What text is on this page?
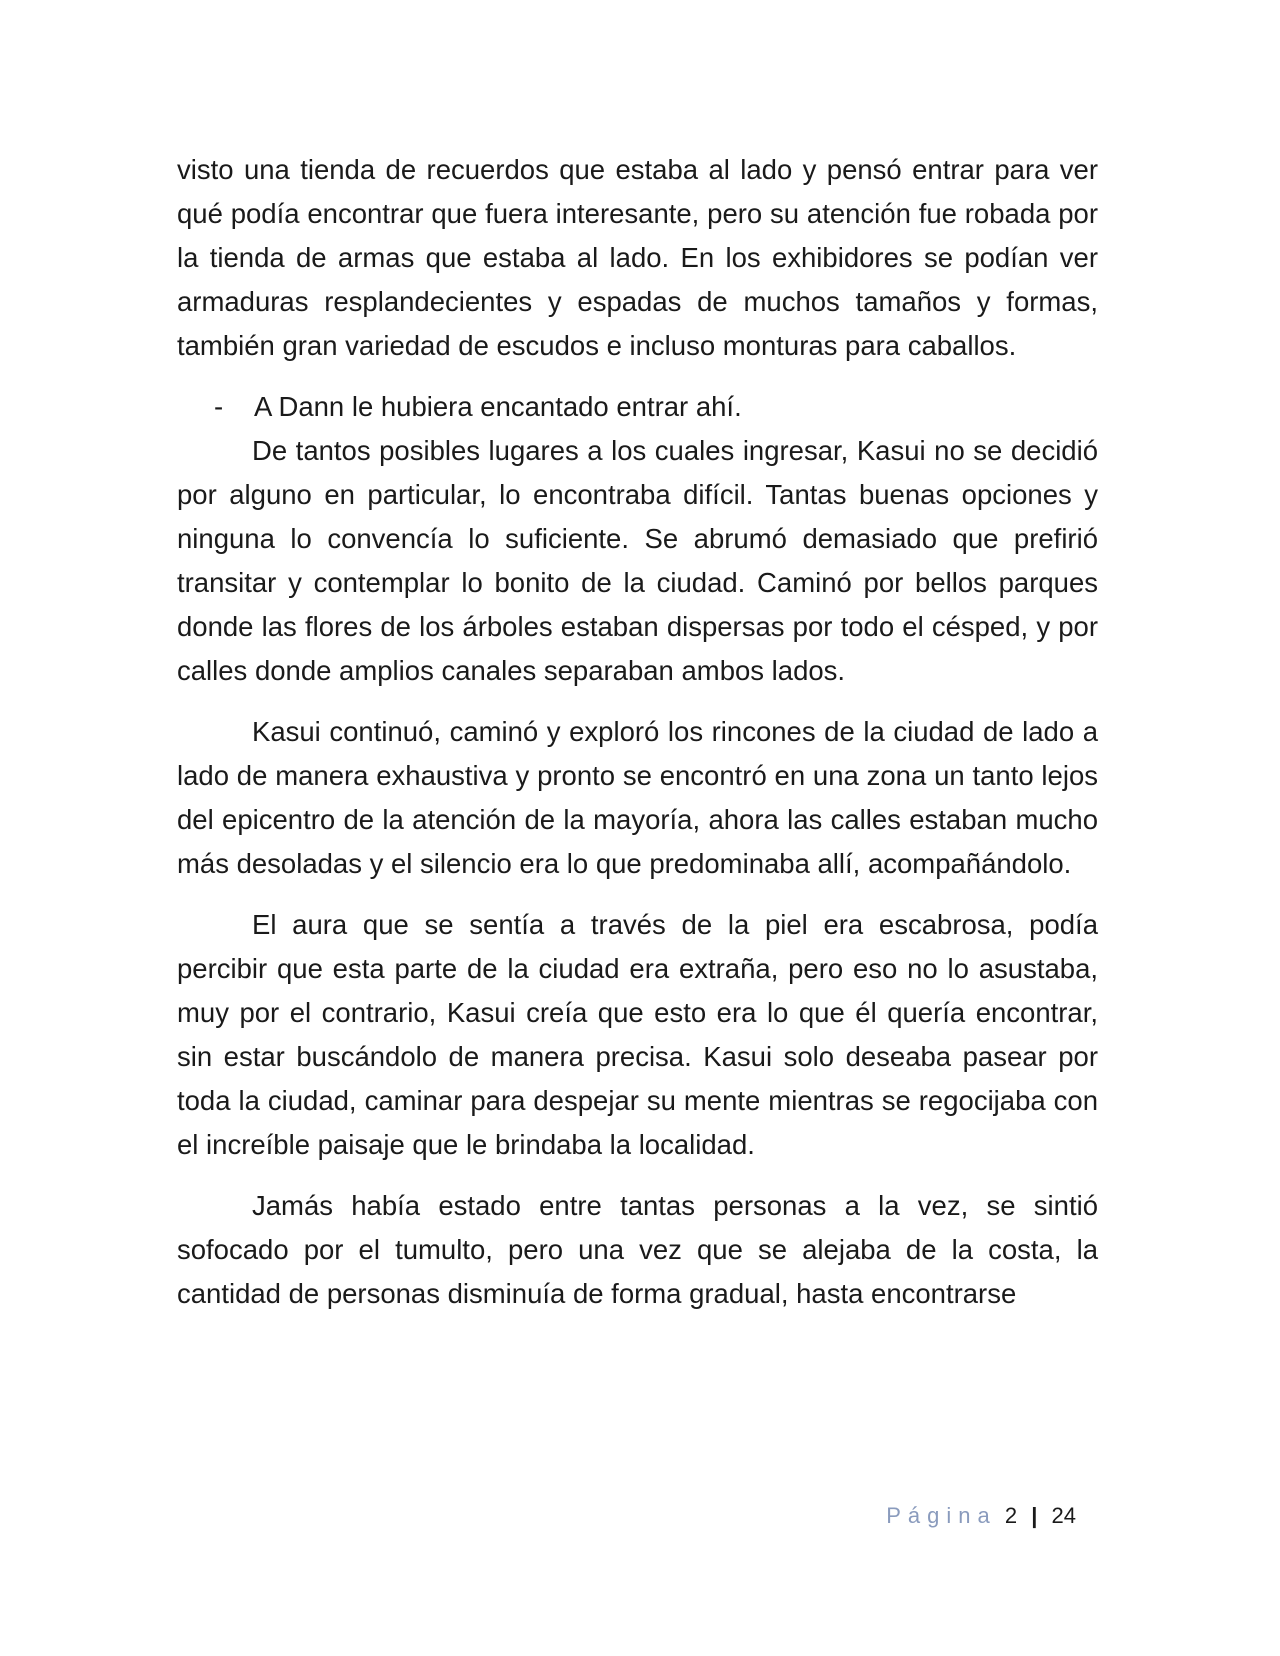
visto una tienda de recuerdos que estaba al lado y pensó entrar para ver qué podía encontrar que fuera interesante, pero su atención fue robada por la tienda de armas que estaba al lado. En los exhibidores se podían ver armaduras resplandecientes y espadas de muchos tamaños y formas, también gran variedad de escudos e incluso monturas para caballos.

-	A Dann le hubiera encantado entrar ahí.

De tantos posibles lugares a los cuales ingresar, Kasui no se decidió por alguno en particular, lo encontraba difícil. Tantas buenas opciones y ninguna lo convencía lo suficiente. Se abrumó demasiado que prefirió transitar y contemplar lo bonito de la ciudad. Caminó por bellos parques donde las flores de los árboles estaban dispersas por todo el césped, y por calles donde amplios canales separaban ambos lados.

Kasui continuó, caminó y exploró los rincones de la ciudad de lado a lado de manera exhaustiva y pronto se encontró en una zona un tanto lejos del epicentro de la atención de la mayoría, ahora las calles estaban mucho más desoladas y el silencio era lo que predominaba allí, acompañándolo.

El aura que se sentía a través de la piel era escabrosa, podía percibir que esta parte de la ciudad era extraña, pero eso no lo asustaba, muy por el contrario, Kasui creía que esto era lo que él quería encontrar, sin estar buscándolo de manera precisa. Kasui solo deseaba pasear por toda la ciudad, caminar para despejar su mente mientras se regocijaba con el increíble paisaje que le brindaba la localidad.

Jamás había estado entre tantas personas a la vez, se sintió sofocado por el tumulto, pero una vez que se alejaba de la costa, la cantidad de personas disminuía de forma gradual, hasta encontrarse

Página 2 | 24
